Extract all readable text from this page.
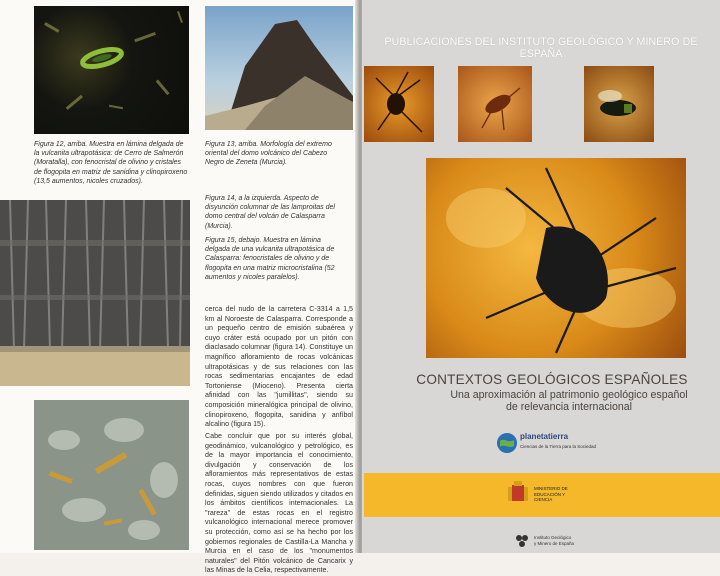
Figura 12, arriba. Muestra en lámina delgada de la vulcanita ultrapotásica: de Cerro de Salmerón (Moratalla), con fenocristal de olivino y cristales de flogopita en matriz de sanidina y clinopiroxeno (13,5 aumentos, nicoles cruzados).
Figura 13, arriba. Morfología del extremo oriental del domo volcánico del Cabezo Negro de Zeneta (Murcia).
Figura 14, a la izquierda. Aspecto de disyunción columnar de las lamproitas del domo central del volcán de Calasparra (Murcia).
Figura 15, debajo. Muestra en lámina delgada de una vulcanita ultrapotásica de Calasparra: fenocristales de olivino y de flogopita en una matriz microcristalina (52 aumentos y nicoles paralelos).
cerca del nudo de la carretera C-3314 a 1,5 km al Noroeste de Calasparra. Corresponde a un pequeño centro de emisión subaérea y cuyo cráter está ocupado por un pitón con diaclasado columnar (figura 14). Constituye un magnífico afloramiento de rocas volcánicas ultrapotásicas y de sus relaciones con las rocas sedimentarias encajantes de edad Tortoniense (Mioceno). Presenta cierta afinidad con las "jumillitas", siendo su composición mineralógica principal de olivino, clinopiroxeno, flogopita, sanidina y anfíbol alcalino (figura 15).
Cabe concluir que por su interés global, geodinámico, vulcanológico y petrológico, es de la mayor importancia el conocimiento, divulgación y conservación de los afloramientos más representativos de estas rocas, cuyos nombres con que fueron definidas, siguen siendo utilizados y citados en los ámbitos científicos internacionales. La "rareza" de estas rocas en el registro vulcanológico internacional merece promover su protección, como así se ha hecho por los gobiernos regionales de Castilla-La Mancha y Murcia en el caso de los "monumentos naturales" del Pitón volcánico de Cancarix y las Minas de la Celia, respectivamente.
PUBLICACIONES DEL INSTITUTO GEOLÓGICO Y MINERO DE ESPAÑA
CONTEXTOS GEOLÓGICOS ESPAÑOLES
Una aproximación al patrimonio geológico español
de relevancia internacional
planetatierra
Ciencias de la Tierra para la Sociedad
MINISTERIO DE EDUCACIÓN Y CIENCIA
Instituto Geológico
y Minero de España
